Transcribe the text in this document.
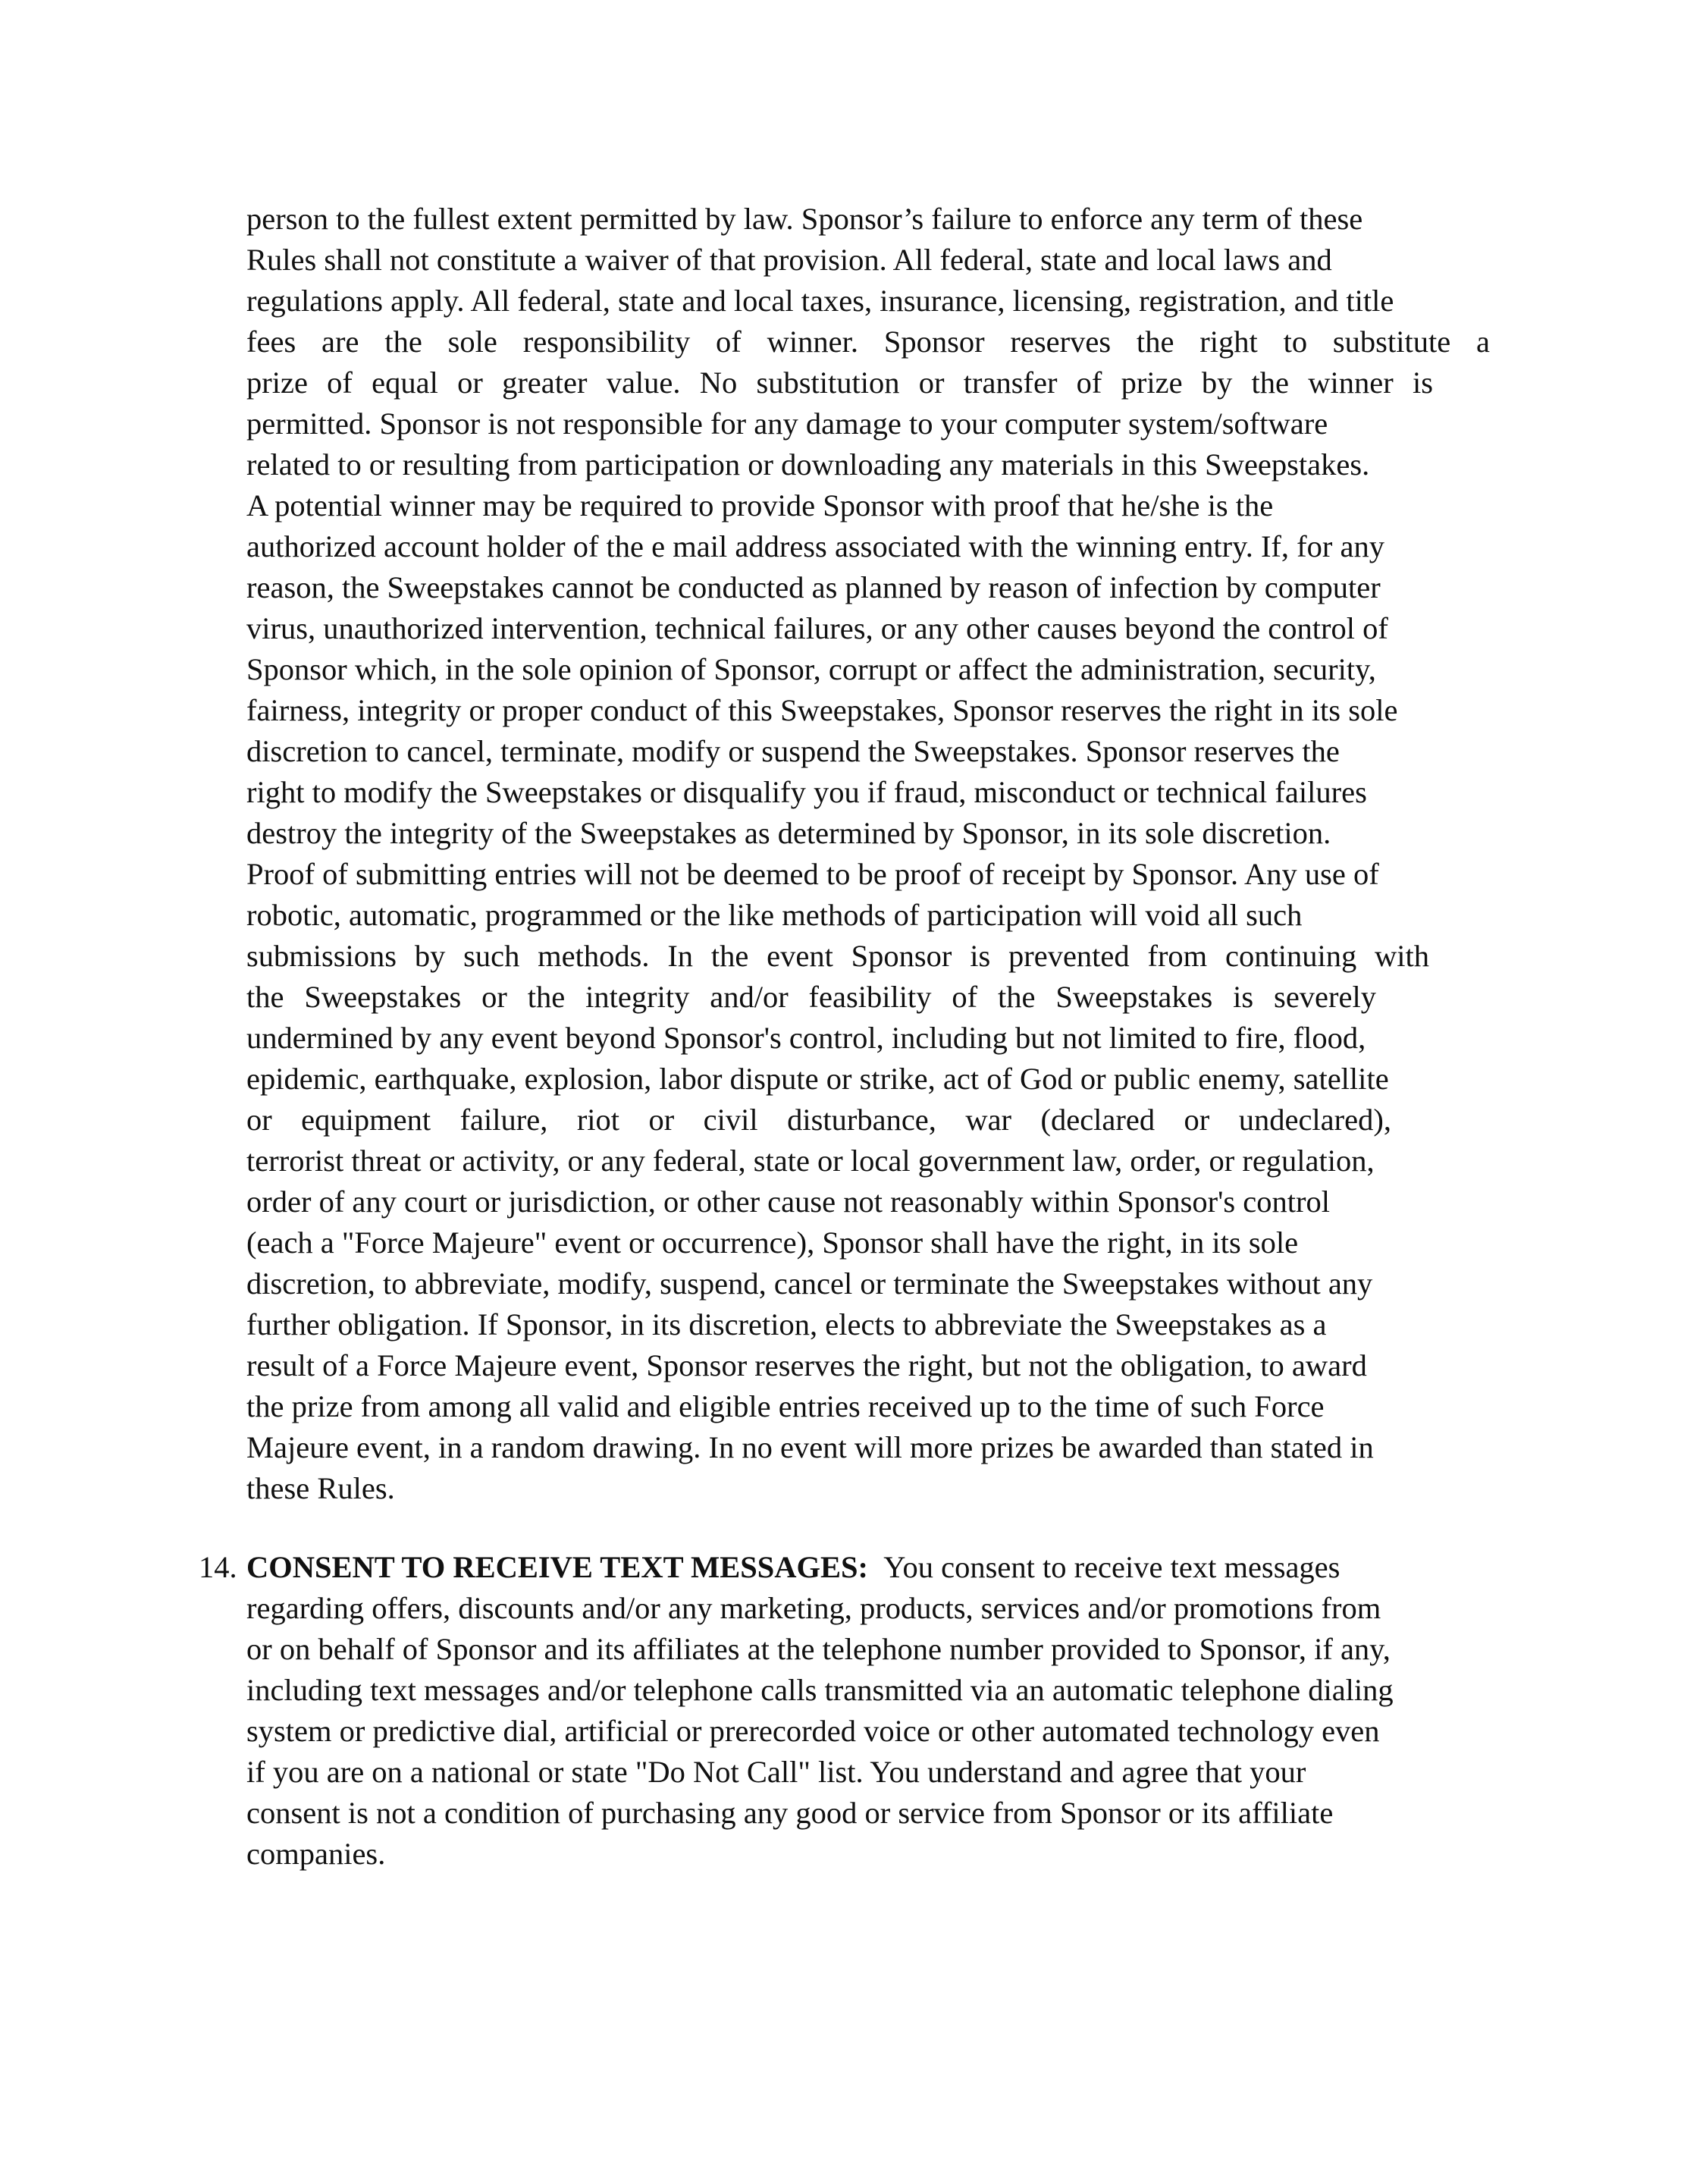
person to the fullest extent permitted by law. Sponsor’s failure to enforce any term of these
Rules shall not constitute a waiver of that provision. All federal, state and local laws and
regulations apply. All federal, state and local taxes, insurance, licensing, registration, and title
fees are the sole responsibility of winner. Sponsor reserves the right to substitute a
prize of equal or greater value. No substitution or transfer of prize by the winner is
permitted. Sponsor is not responsible for any damage to your computer system/software
related to or resulting from participation or downloading any materials in this Sweepstakes.
A potential winner may be required to provide Sponsor with proof that he/she is the
authorized account holder of the e mail address associated with the winning entry. If, for any
reason, the Sweepstakes cannot be conducted as planned by reason of infection by computer
virus, unauthorized intervention, technical failures, or any other causes beyond the control of
Sponsor which, in the sole opinion of Sponsor, corrupt or affect the administration, security,
fairness, integrity or proper conduct of this Sweepstakes, Sponsor reserves the right in its sole
discretion to cancel, terminate, modify or suspend the Sweepstakes. Sponsor reserves the
right to modify the Sweepstakes or disqualify you if fraud, misconduct or technical failures
destroy the integrity of the Sweepstakes as determined by Sponsor, in its sole discretion.
Proof of submitting entries will not be deemed to be proof of receipt by Sponsor. Any use of
robotic, automatic, programmed or the like methods of participation will void all such
submissions by such methods. In the event Sponsor is prevented from continuing with
the Sweepstakes or the integrity and/or feasibility of the Sweepstakes is severely
undermined by any event beyond Sponsor's control, including but not limited to fire, flood,
epidemic, earthquake, explosion, labor dispute or strike, act of God or public enemy, satellite
or equipment failure, riot or civil disturbance, war (declared or undeclared),
terrorist threat or activity, or any federal, state or local government law, order, or regulation,
order of any court or jurisdiction, or other cause not reasonably within Sponsor's control
(each a "Force Majeure" event or occurrence), Sponsor shall have the right, in its sole
discretion, to abbreviate, modify, suspend, cancel or terminate the Sweepstakes without any
further obligation. If Sponsor, in its discretion, elects to abbreviate the Sweepstakes as a
result of a Force Majeure event, Sponsor reserves the right, but not the obligation, to award
the prize from among all valid and eligible entries received up to the time of such Force
Majeure event, in a random drawing. In no event will more prizes be awarded than stated in
these Rules.
14. CONSENT TO RECEIVE TEXT MESSAGES: You consent to receive text messages
regarding offers, discounts and/or any marketing, products, services and/or promotions from
or on behalf of Sponsor and its affiliates at the telephone number provided to Sponsor, if any,
including text messages and/or telephone calls transmitted via an automatic telephone dialing
system or predictive dial, artificial or prerecorded voice or other automated technology even
if you are on a national or state "Do Not Call" list. You understand and agree that your
consent is not a condition of purchasing any good or service from Sponsor or its affiliate
companies.
